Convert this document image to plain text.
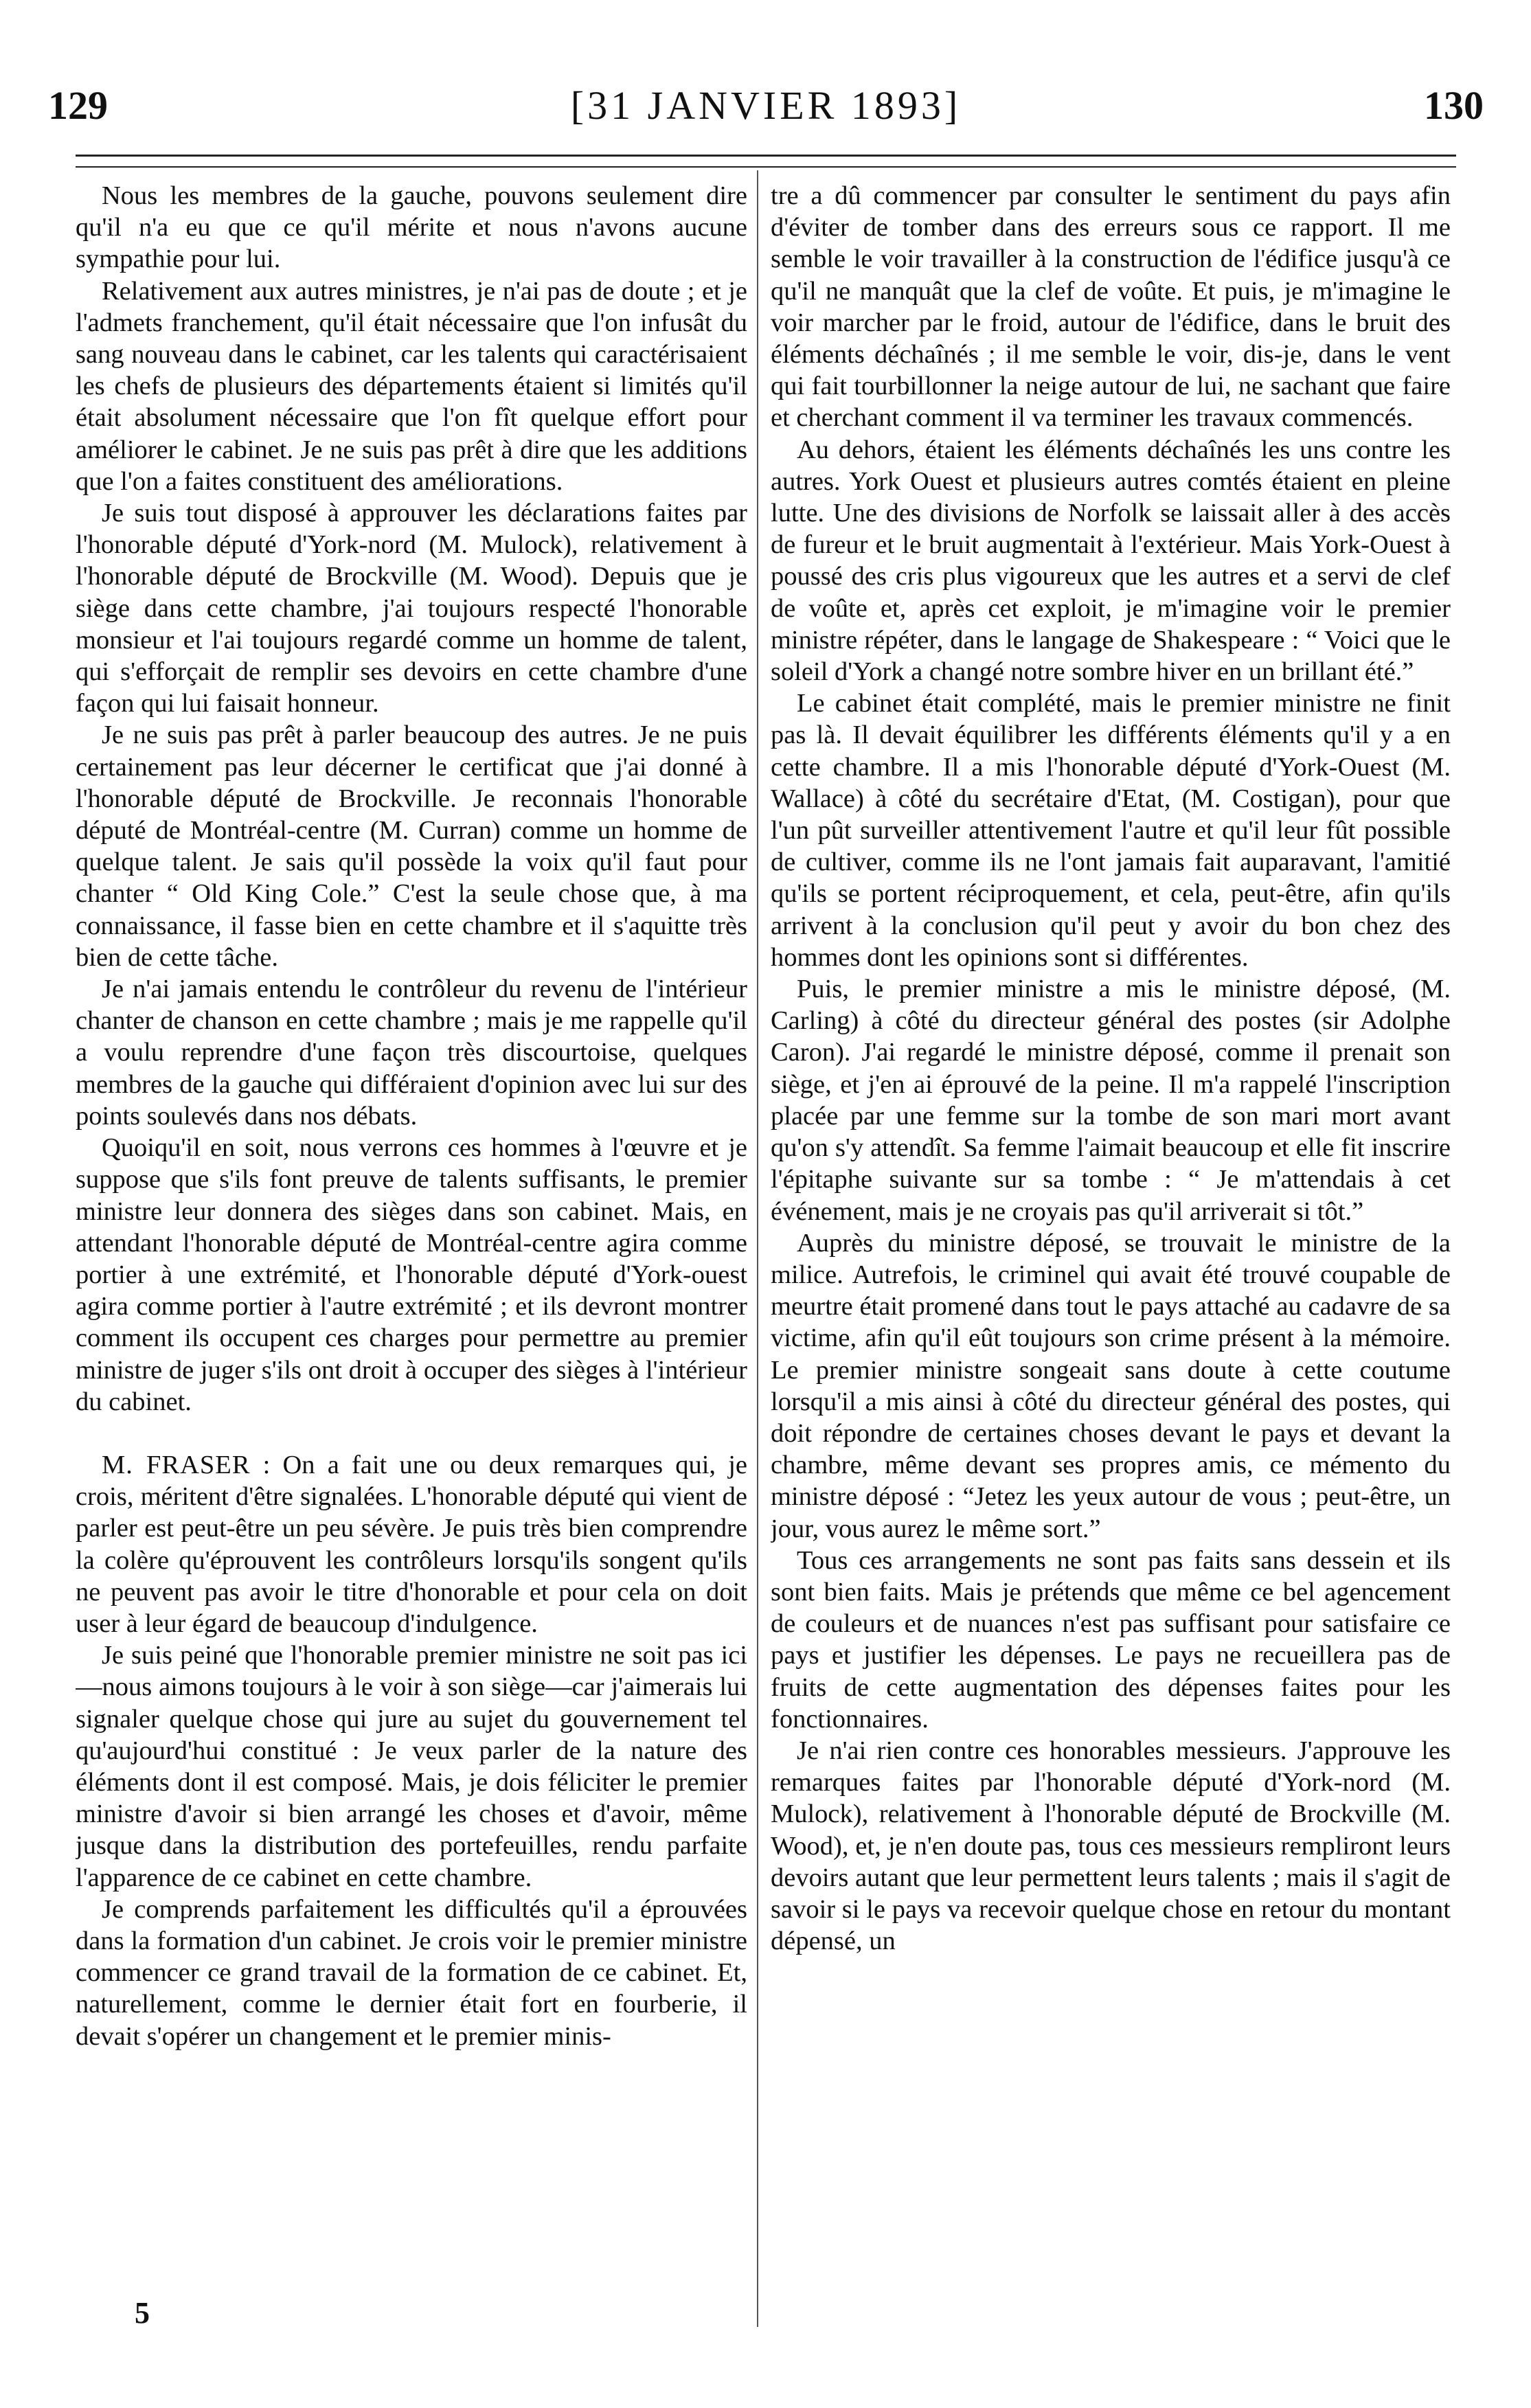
129	[31 JANVIER 1893]	130

Nous les membres de la gauche, pouvons seulement dire qu'il n'a eu que ce qu'il mérite et nous n'avons aucune sympathie pour lui.

Relativement aux autres ministres, je n'ai pas de doute ; et je l'admets franchement, qu'il était nécessaire que l'on infusât du sang nouveau dans le cabinet, car les talents qui caractérisaient les chefs de plusieurs des départements étaient si limités qu'il était absolument nécessaire que l'on fît quelque effort pour améliorer le cabinet. Je ne suis pas prêt à dire que les additions que l'on a faites constituent des améliorations.

Je suis tout disposé à approuver les déclarations faites par l'honorable député d'York-nord (M. Mulock), relativement à l'honorable député de Brockville (M. Wood). Depuis que je siège dans cette chambre, j'ai toujours respecté l'honorable monsieur et l'ai toujours regardé comme un homme de talent, qui s'efforçait de remplir ses devoirs en cette chambre d'une façon qui lui faisait honneur.

Je ne suis pas prêt à parler beaucoup des autres. Je ne puis certainement pas leur décerner le certificat que j'ai donné à l'honorable député de Brockville. Je reconnais l'honorable député de Montréal-centre (M. Curran) comme un homme de quelque talent. Je sais qu'il possède la voix qu'il faut pour chanter “ Old King Cole.” C'est la seule chose que, à ma connaissance, il fasse bien en cette chambre et il s'aquitte très bien de cette tâche.

Je n'ai jamais entendu le contrôleur du revenu de l'intérieur chanter de chanson en cette chambre ; mais je me rappelle qu'il a voulu reprendre d'une façon très discourtoise, quelques membres de la gauche qui différaient d'opinion avec lui sur des points soulevés dans nos débats.

Quoiqu'il en soit, nous verrons ces hommes à l'œuvre et je suppose que s'ils font preuve de talents suffisants, le premier ministre leur donnera des sièges dans son cabinet. Mais, en attendant l'honorable député de Montréal-centre agira comme portier à une extrémité, et l'honorable député d'York-ouest agira comme portier à l'autre extrémité ; et ils devront montrer comment ils occupent ces charges pour permettre au premier ministre de juger s'ils ont droit à occuper des sièges à l'intérieur du cabinet.

M. FRASER : On a fait une ou deux remarques qui, je crois, méritent d'être signalées. L'honorable député qui vient de parler est peut-être un peu sévère. Je puis très bien comprendre la colère qu'éprouvent les contrôleurs lorsqu'ils songent qu'ils ne peuvent pas avoir le titre d'honorable et pour cela on doit user à leur égard de beaucoup d'indulgence.

Je suis peiné que l'honorable premier ministre ne soit pas ici—nous aimons toujours à le voir à son siège—car j'aimerais lui signaler quelque chose qui jure au sujet du gouvernement tel qu'aujourd'hui constitué : Je veux parler de la nature des éléments dont il est composé. Mais, je dois féliciter le premier ministre d'avoir si bien arrangé les choses et d'avoir, même jusque dans la distribution des portefeuilles, rendu parfaite l'apparence de ce cabinet en cette chambre.

Je comprends parfaitement les difficultés qu'il a éprouvées dans la formation d'un cabinet. Je crois voir le premier ministre commencer ce grand travail de la formation de ce cabinet. Et, naturellement, comme le dernier était fort en fourberie, il devait s'opérer un changement et le premier minis-

tre a dû commencer par consulter le sentiment du pays afin d'éviter de tomber dans des erreurs sous ce rapport. Il me semble le voir travailler à la construction de l'édifice jusqu'à ce qu'il ne manquât que la clef de voûte. Et puis, je m'imagine le voir marcher par le froid, autour de l'édifice, dans le bruit des éléments déchaînés ; il me semble le voir, dis-je, dans le vent qui fait tourbillonner la neige autour de lui, ne sachant que faire et cherchant comment il va terminer les travaux commencés.

Au dehors, étaient les éléments déchaînés les uns contre les autres. York Ouest et plusieurs autres comtés étaient en pleine lutte. Une des divisions de Norfolk se laissait aller à des accès de fureur et le bruit augmentait à l'extérieur. Mais York-Ouest à poussé des cris plus vigoureux que les autres et a servi de clef de voûte et, après cet exploit, je m'imagine voir le premier ministre répéter, dans le langage de Shakespeare : “ Voici que le soleil d'York a changé notre sombre hiver en un brillant été.”

Le cabinet était complété, mais le premier ministre ne finit pas là. Il devait équilibrer les différents éléments qu'il y a en cette chambre. Il a mis l'honorable député d'York-Ouest (M. Wallace) à côté du secrétaire d'Etat, (M. Costigan), pour que l'un pût surveiller attentivement l'autre et qu'il leur fût possible de cultiver, comme ils ne l'ont jamais fait auparavant, l'amitié qu'ils se portent réciproquement, et cela, peut-être, afin qu'ils arrivent à la conclusion qu'il peut y avoir du bon chez des hommes dont les opinions sont si différentes.

Puis, le premier ministre a mis le ministre déposé, (M. Carling) à côté du directeur général des postes (sir Adolphe Caron). J'ai regardé le ministre déposé, comme il prenait son siège, et j'en ai éprouvé de la peine. Il m'a rappelé l'inscription placée par une femme sur la tombe de son mari mort avant qu'on s'y attendît. Sa femme l'aimait beaucoup et elle fit inscrire l'épitaphe suivante sur sa tombe : “ Je m'attendais à cet événement, mais je ne croyais pas qu'il arriverait si tôt.”

Auprès du ministre déposé, se trouvait le ministre de la milice. Autrefois, le criminel qui avait été trouvé coupable de meurtre était promené dans tout le pays attaché au cadavre de sa victime, afin qu'il eût toujours son crime présent à la mémoire. Le premier ministre songeait sans doute à cette coutume lorsqu'il a mis ainsi à côté du directeur général des postes, qui doit répondre de certaines choses devant le pays et devant la chambre, même devant ses propres amis, ce mémento du ministre déposé : “Jetez les yeux autour de vous ; peut-être, un jour, vous aurez le même sort.”

Tous ces arrangements ne sont pas faits sans dessein et ils sont bien faits. Mais je prétends que même ce bel agencement de couleurs et de nuances n'est pas suffisant pour satisfaire ce pays et justifier les dépenses. Le pays ne recueillera pas de fruits de cette augmentation des dépenses faites pour les fonctionnaires.

Je n'ai rien contre ces honorables messieurs. J'approuve les remarques faites par l'honorable député d'York-nord (M. Mulock), relativement à l'honorable député de Brockville (M. Wood), et, je n'en doute pas, tous ces messieurs rempliront leurs devoirs autant que leur permettent leurs talents ; mais il s'agit de savoir si le pays va recevoir quelque chose en retour du montant dépensé, un

5
